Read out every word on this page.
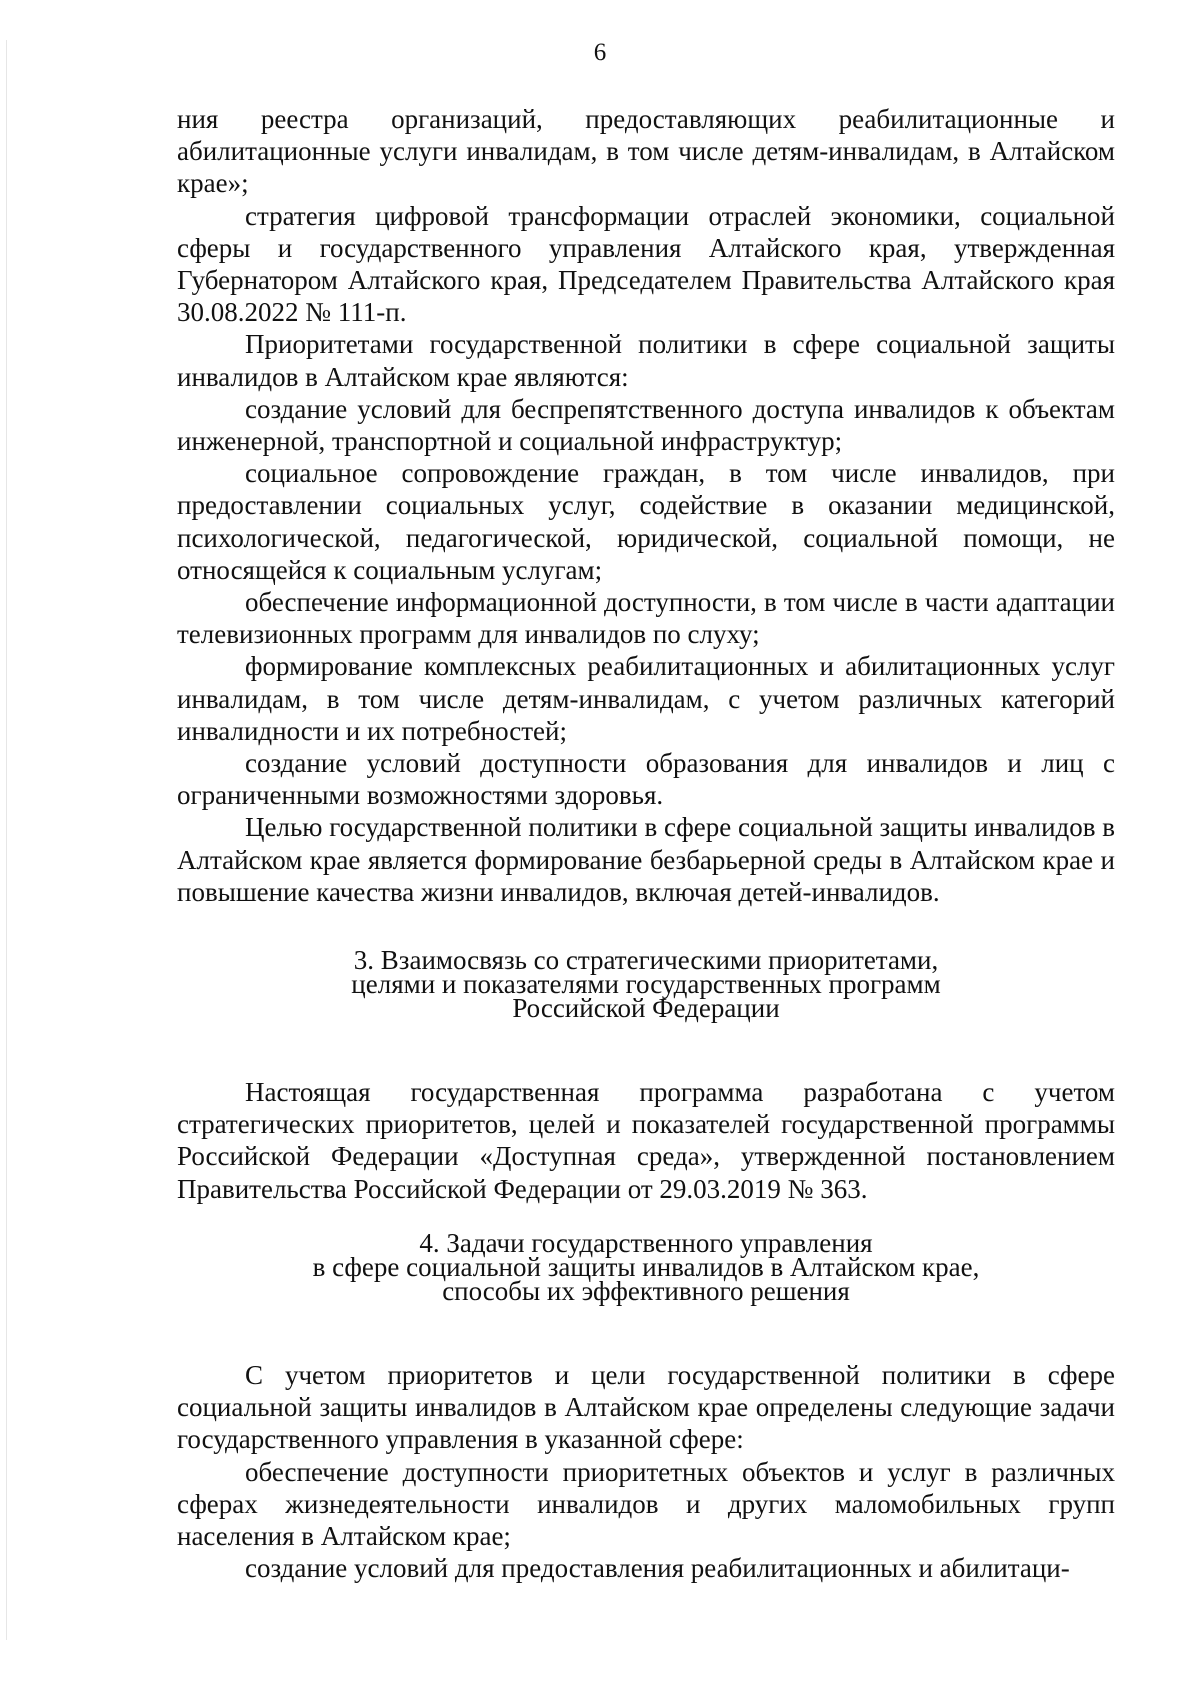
6

ния реестра организаций, предоставляющих реабилитационные и абилитационные услуги инвалидам, в том числе детям-инвалидам, в Алтайском крае»;

стратегия цифровой трансформации отраслей экономики, социальной сферы и государственного управления Алтайского края, утвержденная Губернатором Алтайского края, Председателем Правительства Алтайского края 30.08.2022 № 111-п.

Приоритетами государственной политики в сфере социальной защиты инвалидов в Алтайском крае являются:

создание условий для беспрепятственного доступа инвалидов к объектам инженерной, транспортной и социальной инфраструктур;

социальное сопровождение граждан, в том числе инвалидов, при предоставлении социальных услуг, содействие в оказании медицинской, психологической, педагогической, юридической, социальной помощи, не относящейся к социальным услугам;

обеспечение информационной доступности, в том числе в части адаптации телевизионных программ для инвалидов по слуху;

формирование комплексных реабилитационных и абилитационных услуг инвалидам, в том числе детям-инвалидам, с учетом различных категорий инвалидности и их потребностей;

создание условий доступности образования для инвалидов и лиц с ограниченными возможностями здоровья.

Целью государственной политики в сфере социальной защиты инвалидов в Алтайском крае является формирование безбарьерной среды в Алтайском крае и повышение качества жизни инвалидов, включая детей-инвалидов.

3. Взаимосвязь со стратегическими приоритетами,
целями и показателями государственных программ
Российской Федерации

Настоящая государственная программа разработана с учетом стратегических приоритетов, целей и показателей государственной программы Российской Федерации «Доступная среда», утвержденной постановлением Правительства Российской Федерации от 29.03.2019 № 363.

4. Задачи государственного управления
в сфере социальной защиты инвалидов в Алтайском крае,
способы их эффективного решения

С учетом приоритетов и цели государственной политики в сфере социальной защиты инвалидов в Алтайском крае определены следующие задачи государственного управления в указанной сфере:

обеспечение доступности приоритетных объектов и услуг в различных сферах жизнедеятельности инвалидов и других маломобильных групп населения в Алтайском крае;

создание условий для предоставления реабилитационных и абилитаци-
